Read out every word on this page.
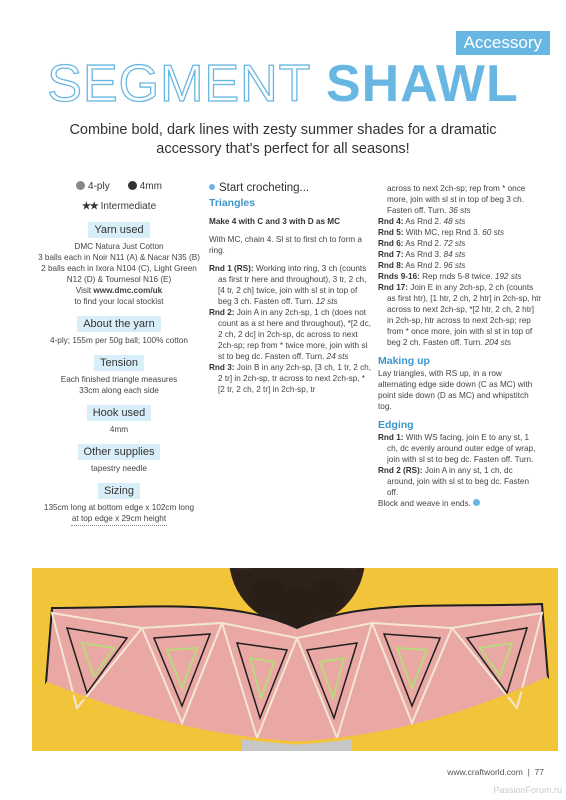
Accessory
SEGMENT SHAWL
Combine bold, dark lines with zesty summer shades for a dramatic accessory that's perfect for all seasons!
4-ply	4mm
★★ Intermediate
Yarn used
DMC Natura Just Cotton
3 balls each in Noir N11 (A) & Nacar N35 (B)
2 balls each in Ixora N104 (C), Light Green
N12 (D) & Tournesol N16 (E)
Visit www.dmc.com/uk
to find your local stockist
About the yarn
4-ply; 155m per 50g ball; 100% cotton
Tension
Each finished triangle measures
33cm along each side
Hook used
4mm
Other supplies
tapestry needle
Sizing
135cm long at bottom edge x 102cm long
at top edge x 29cm height
Start crocheting...
Triangles
Make 4 with C and 3 with D as MC
With MC, chain 4. Sl st to first ch to form a ring.
Rnd 1 (RS): Working into ring, 3 ch (counts as first tr here and throughout), 3 tr, 2 ch, [4 tr, 2 ch] twice, join with sl st in top of beg 3 ch. Fasten off. Turn. 12 sts
Rnd 2: Join A in any 2ch-sp, 1 ch (does not count as a st here and throughout), *[2 dc, 2 ch, 2 dc] in 2ch-sp, dc across to next 2ch-sp; rep from * twice more, join with sl st to beg dc. Fasten off. Turn. 24 sts
Rnd 3: Join B in any 2ch-sp, [3 ch, 1 tr, 2 ch, 2 tr] in 2ch-sp, tr across to next 2ch-sp, *[2 tr, 2 ch, 2 tr] in 2ch-sp, tr
across to next 2ch-sp; rep from * once more, join with sl st in top of beg 3 ch. Fasten off. Turn. 36 sts
Rnd 4: As Rnd 2. 48 sts
Rnd 5: With MC, rep Rnd 3. 60 sts
Rnd 6: As Rnd 2. 72 sts
Rnd 7: As Rnd 3. 84 sts
Rnd 8: As Rnd 2. 96 sts
Rnds 9-16: Rep rnds 5-8 twice. 192 sts
Rnd 17: Join E in any 2ch-sp, 2 ch (counts as first htr), [1 htr, 2 ch, 2 htr] in 2ch-sp, htr across to next 2ch-sp, *[2 htr, 2 ch, 2 htr] in 2ch-sp, htr across to next 2ch-sp; rep from * once more, join with sl st in top of beg 2 ch. Fasten off. Turn. 204 sts
Making up
Lay triangles, with RS up, in a row alternating edge side down (C as MC) with point side down (D as MC) and whipstitch tog.
Edging
Rnd 1: With WS facing, join E to any st, 1 ch, dc evenly around outer edge of wrap, join with sl st to beg dc. Fasten off. Turn.
Rnd 2 (RS): Join A in any st, 1 ch, dc around, join with sl st to beg dc. Fasten off.
Block and weave in ends.
www.craftworld.com | 77
PassionForum.ru
